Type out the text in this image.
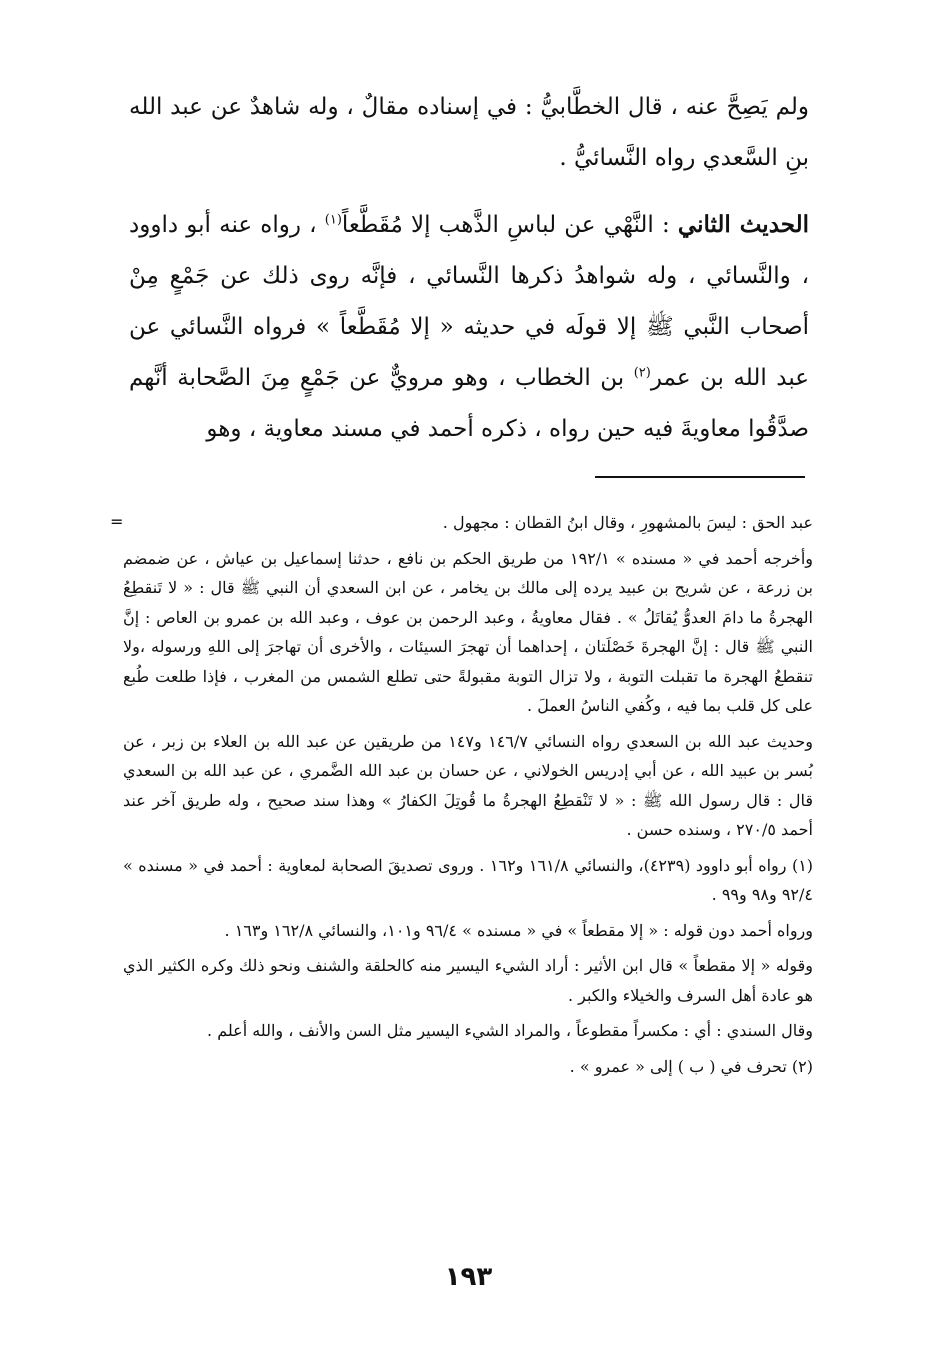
ولم يَصِحَّ عنه ، قال الخطَّابيُّ : في إسناده مقالٌ ، وله شاهدٌ عن عبد الله بنِ السَّعدي رواه النَّسائيُّ .

الحديث الثاني : النَّهْي عن لباسِ الذَّهب إلا مُقَطَّعاً$^{(١)}$ ، رواه عنه أبو داوود ، والنَّسائي ، وله شواهدُ ذكرها النَّسائي ، فإنَّه روى ذلك عن جَمْعٍ مِنْ أصحاب النَّبي ﷺ إلا قولَه في حديثه « إلا مُقَطَّعاً » فرواه النَّسائي عن عبد الله بن عمر$^{(٢)}$ بن الخطاب ، وهو مرويٌّ عن جَمْعٍ مِنَ الصَّحابة أنَّهم صدَّقُوا معاويةَ فيه حين رواه ، ذكره أحمد في مسند معاوية ، وهو

=	عبد الحق : ليسَ بالمشهورِ ، وقال ابنُ القطان : مجهول .

وأخرجه أحمد في « مسنده » ١٩٢/١ من طريق الحكم بن نافع ، حدثنا إسماعيل بن عياش ، عن ضمضم بن زرعة ، عن شريح بن عبيد يرده إلى مالك بن يخامر ، عن ابن السعدي أن النبي ﷺ قال : « لا تَنقطِعُ الهجرةُ ما دامَ العدوُّ يُقاتَلُ » . فقال معاويةُ ، وعبد الرحمن بن عوف ، وعبد الله بن عمرو بن العاص : إنَّ النبي ﷺ قال : إنَّ الهجرةَ خَصْلَتان ، إحداهما أن تهجرَ السيئات ، والأخرى أن تهاجرَ إلى اللهِ ورسوله ،ولا تنقطعُ الهجرة ما تقبلت التوبة ، ولا تزال التوبة مقبولةً حتى تطلع الشمس من المغرب ، فإذا طلعت طُبع على كل قلب بما فيه ، وكُفي الناسُ العملَ .

وحديث عبد الله بن السعدي رواه النسائي ١٤٦/٧ و١٤٧ من طريقين عن عبد الله بن العلاء بن زبر ، عن بُسر بن عبيد الله ، عن أبي إدريس الخولاني ، عن حسان بن عبد الله الضَّمري ، عن عبد الله بن السعدي قال : قال رسول الله ﷺ : « لا تَنْقطِعُ الهجرةُ ما قُوتِلَ الكفارُ » وهذا سند صحيح ، وله طريق آخر عند أحمد ٢٧٠/٥ ، وسنده حسن .

(١) رواه أبو داوود (٤٢٣٩)، والنسائي ١٦١/٨ و١٦٢ . وروى تصديقَ الصحابة لمعاوية : أحمد في « مسنده » ٩٢/٤ و٩٨ و٩٩ .

ورواه أحمد دون قوله : « إلا مقطعاً » في « مسنده » ٩٦/٤ و١٠١، والنسائي ١٦٢/٨ و١٦٣ .

وقوله « إلا مقطعاً » قال ابن الأثير : أراد الشيء اليسير منه كالحلقة والشنف ونحو ذلك وكره الكثير الذي هو عادة أهل السرف والخيلاء والكبر .

وقال السندي : أي : مكسراً مقطوعاً ، والمراد الشيء اليسير مثل السن والأنف ، والله أعلم .

(٢) تحرف في ( ب ) إلى « عمرو » .

١٩٣
